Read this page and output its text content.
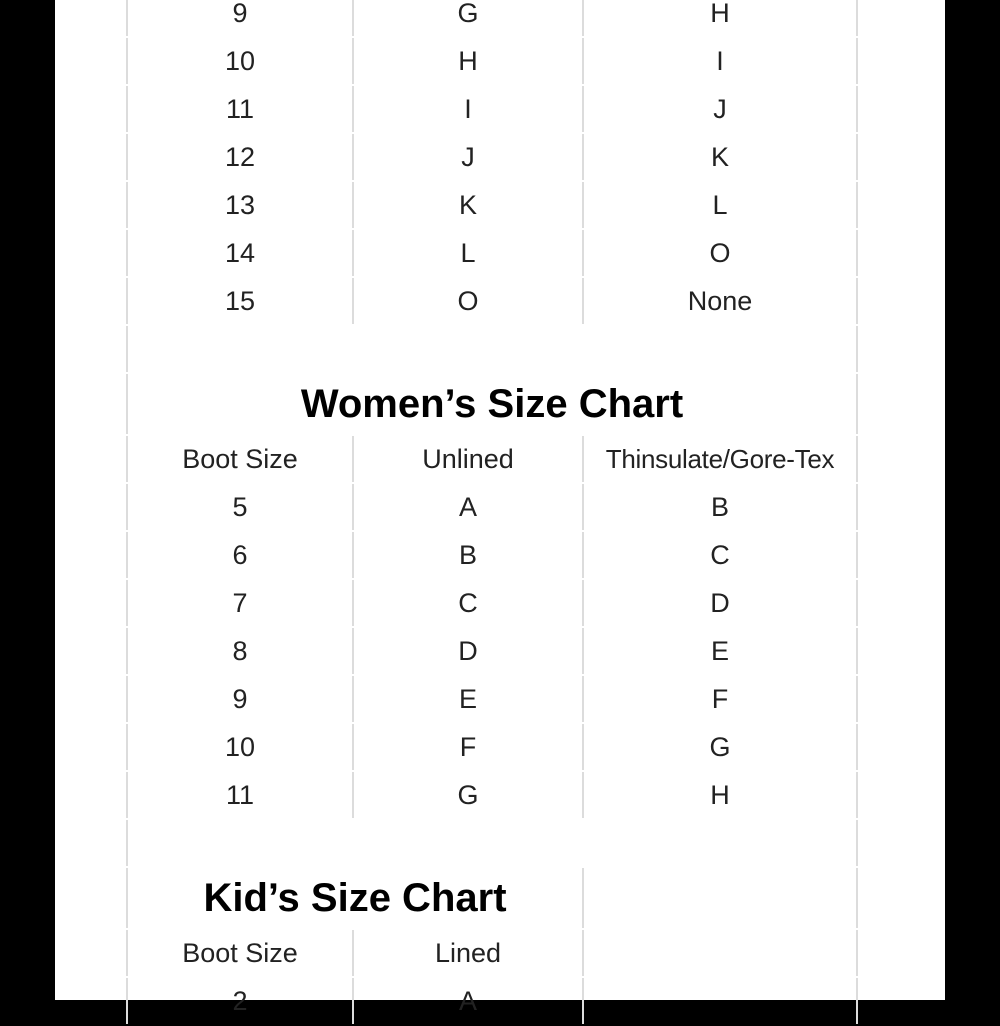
9	G	H
10	H	I
11	I	J
12	J	K
13	K	L
14	L	O
15	O	None
Women’s Size Chart
Boot Size	Unlined	Thinsulate/Gore-Tex
5	A	B
6	B	C
7	C	D
8	D	E
9	E	F
10	F	G
11	G	H
Kid’s Size Chart
Boot Size	Lined
2	A
